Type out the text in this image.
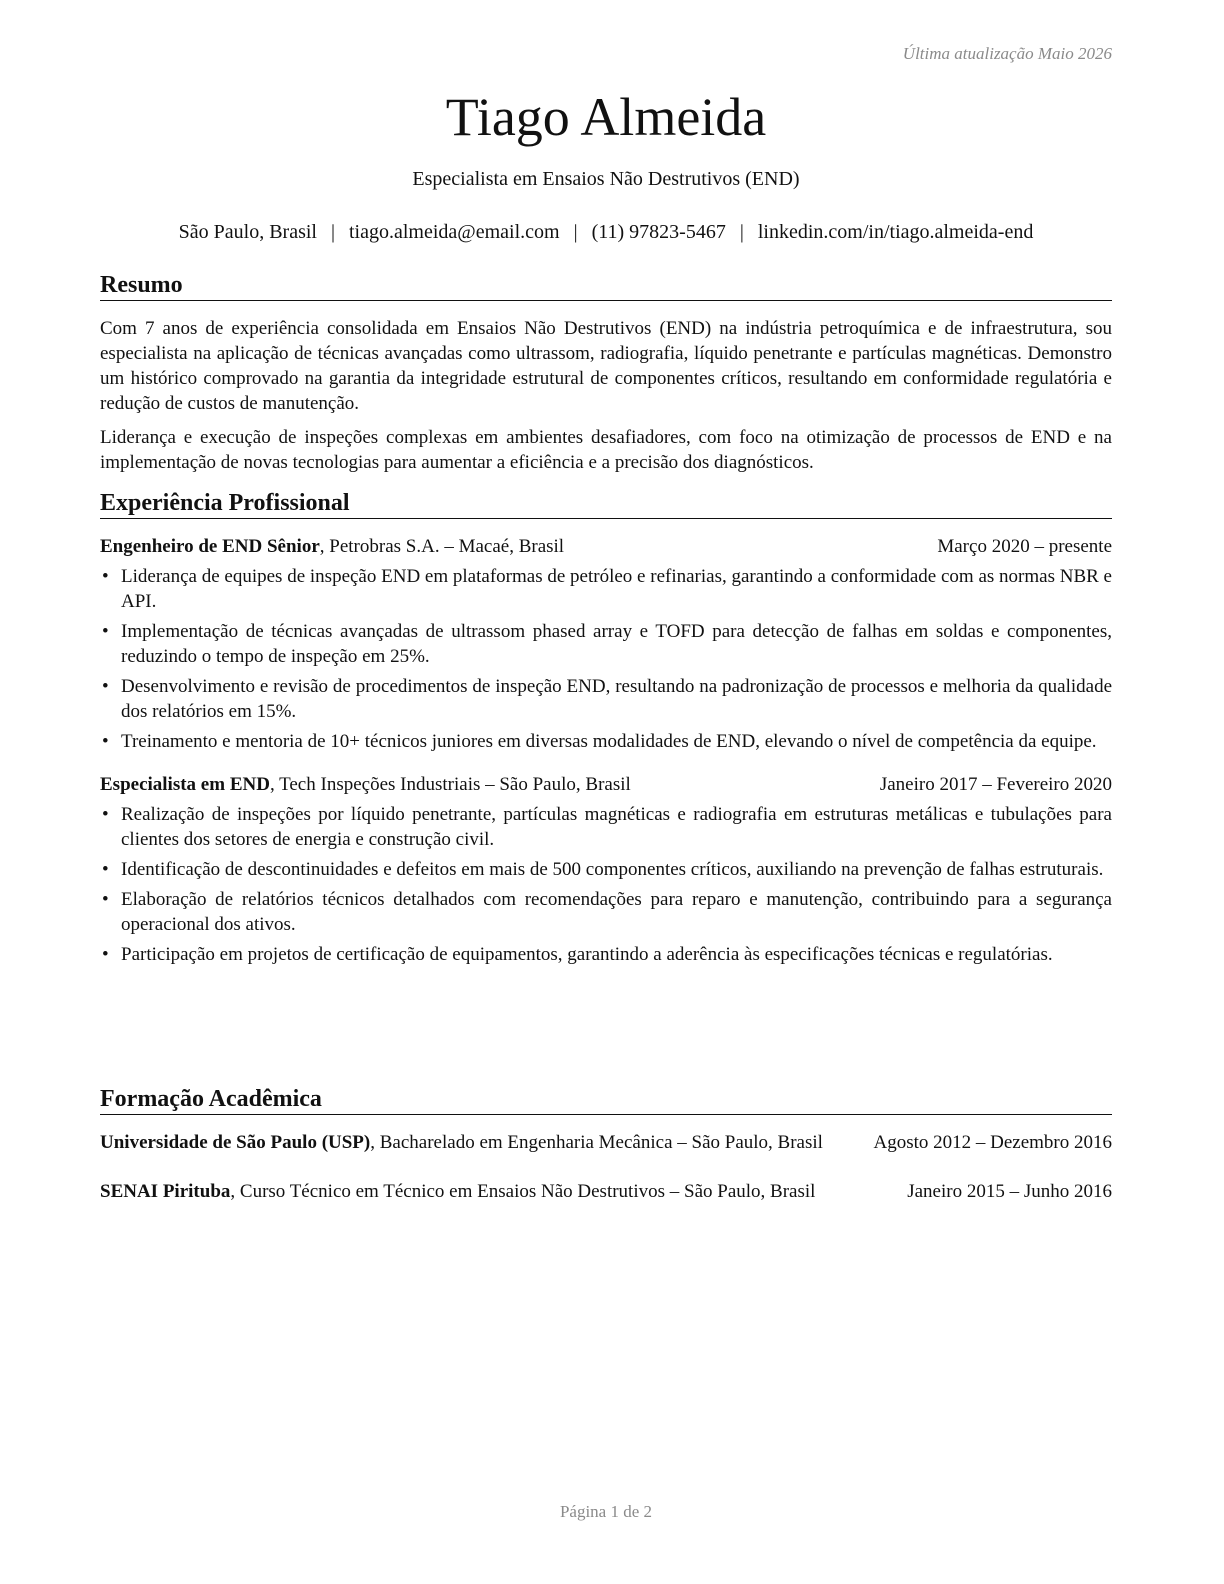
Última atualização Maio 2026
Tiago Almeida
Especialista em Ensaios Não Destrutivos (END)
São Paulo, Brasil | tiago.almeida@email.com | (11) 97823-5467 | linkedin.com/in/tiago.almeida-end
Resumo

Com 7 anos de experiência consolidada em Ensaios Não Destrutivos (END) na indústria petroquímica e de infraestrutura, sou especialista na aplicação de técnicas avançadas como ultrassom, radiografia, líquido penetrante e partículas magnéticas. Demonstro um histórico comprovado na garantia da integridade estrutural de componentes críticos, resultando em conformidade regulatória e redução de custos de manutenção.

Liderança e execução de inspeções complexas em ambientes desafiadores, com foco na otimização de processos de END e na implementação de novas tecnologias para aumentar a eficiência e a precisão dos diagnósticos.

Experiência Profissional
Engenheiro de END Sênior, Petrobras S.A. – Macaé, Brasil	Março 2020 – presente
• Liderança de equipes de inspeção END em plataformas de petróleo e refinarias, garantindo a conformidade com as normas NBR e API.
• Implementação de técnicas avançadas de ultrassom phased array e TOFD para detecção de falhas em soldas e componentes, reduzindo o tempo de inspeção em 25%.
• Desenvolvimento e revisão de procedimentos de inspeção END, resultando na padronização de processos e melhoria da qualidade dos relatórios em 15%.
• Treinamento e mentoria de 10+ técnicos juniores em diversas modalidades de END, elevando o nível de competência da equipe.
Especialista em END, Tech Inspeções Industriais – São Paulo, Brasil	Janeiro 2017 – Fevereiro 2020
• Realização de inspeções por líquido penetrante, partículas magnéticas e radiografia em estruturas metálicas e tubulações para clientes dos setores de energia e construção civil.
• Identificação de descontinuidades e defeitos em mais de 500 componentes críticos, auxiliando na prevenção de falhas estruturais.
• Elaboração de relatórios técnicos detalhados com recomendações para reparo e manutenção, contribuindo para a segurança operacional dos ativos.
• Participação em projetos de certificação de equipamentos, garantindo a aderência às especificações técnicas e regulatórias.
Formação Acadêmica
Universidade de São Paulo (USP), Bacharelado em Engenharia Mecânica – São Paulo, Brasil	Agosto 2012 – Dezembro 2016
SENAI Pirituba, Curso Técnico em Técnico em Ensaios Não Destrutivos – São Paulo, Brasil	Janeiro 2015 – Junho 2016
Página 1 de 2
